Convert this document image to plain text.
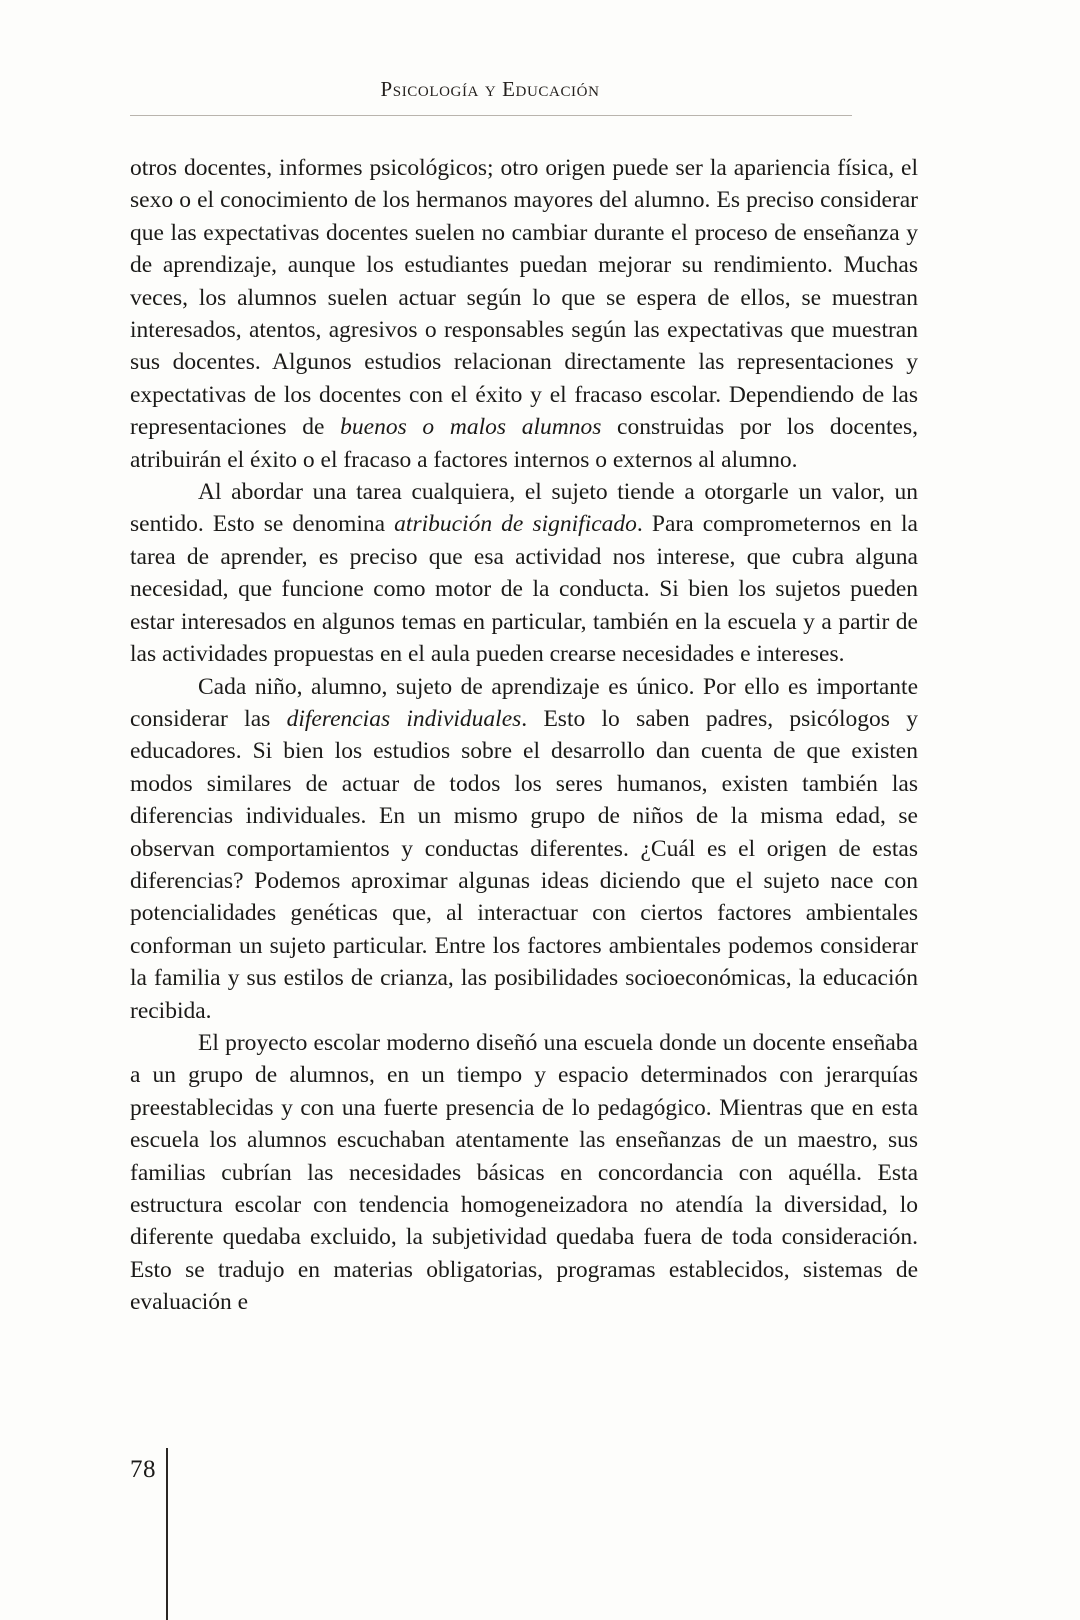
Psicología y Educación

otros docentes, informes psicológicos; otro origen puede ser la apariencia física, el sexo o el conocimiento de los hermanos mayores del alumno. Es preciso considerar que las expectativas docentes suelen no cambiar durante el proceso de enseñanza y de aprendizaje, aunque los estudiantes puedan mejorar su rendimiento. Muchas veces, los alumnos suelen actuar según lo que se espera de ellos, se muestran interesados, atentos, agresivos o responsables según las expectativas que muestran sus docentes. Algunos estudios relacionan directamente las representaciones y expectativas de los docentes con el éxito y el fracaso escolar. Dependiendo de las representaciones de buenos o malos alumnos construidas por los docentes, atribuirán el éxito o el fracaso a factores internos o externos al alumno.

Al abordar una tarea cualquiera, el sujeto tiende a otorgarle un valor, un sentido. Esto se denomina atribución de significado. Para comprometernos en la tarea de aprender, es preciso que esa actividad nos interese, que cubra alguna necesidad, que funcione como motor de la conducta. Si bien los sujetos pueden estar interesados en algunos temas en particular, también en la escuela y a partir de las actividades propuestas en el aula pueden crearse necesidades e intereses.

Cada niño, alumno, sujeto de aprendizaje es único. Por ello es importante considerar las diferencias individuales. Esto lo saben padres, psicólogos y educadores. Si bien los estudios sobre el desarrollo dan cuenta de que existen modos similares de actuar de todos los seres humanos, existen también las diferencias individuales. En un mismo grupo de niños de la misma edad, se observan comportamientos y conductas diferentes. ¿Cuál es el origen de estas diferencias? Podemos aproximar algunas ideas diciendo que el sujeto nace con potencialidades genéticas que, al interactuar con ciertos factores ambientales conforman un sujeto particular. Entre los factores ambientales podemos considerar la familia y sus estilos de crianza, las posibilidades socioeconómicas, la educación recibida.

El proyecto escolar moderno diseñó una escuela donde un docente enseñaba a un grupo de alumnos, en un tiempo y espacio determinados con jerarquías preestablecidas y con una fuerte presencia de lo pedagógico. Mientras que en esta escuela los alumnos escuchaban atentamente las enseñanzas de un maestro, sus familias cubrían las necesidades básicas en concordancia con aquélla. Esta estructura escolar con tendencia homogeneizadora no atendía la diversidad, lo diferente quedaba excluido, la subjetividad quedaba fuera de toda consideración. Esto se tradujo en materias obligatorias, programas establecidos, sistemas de evaluación e

78
